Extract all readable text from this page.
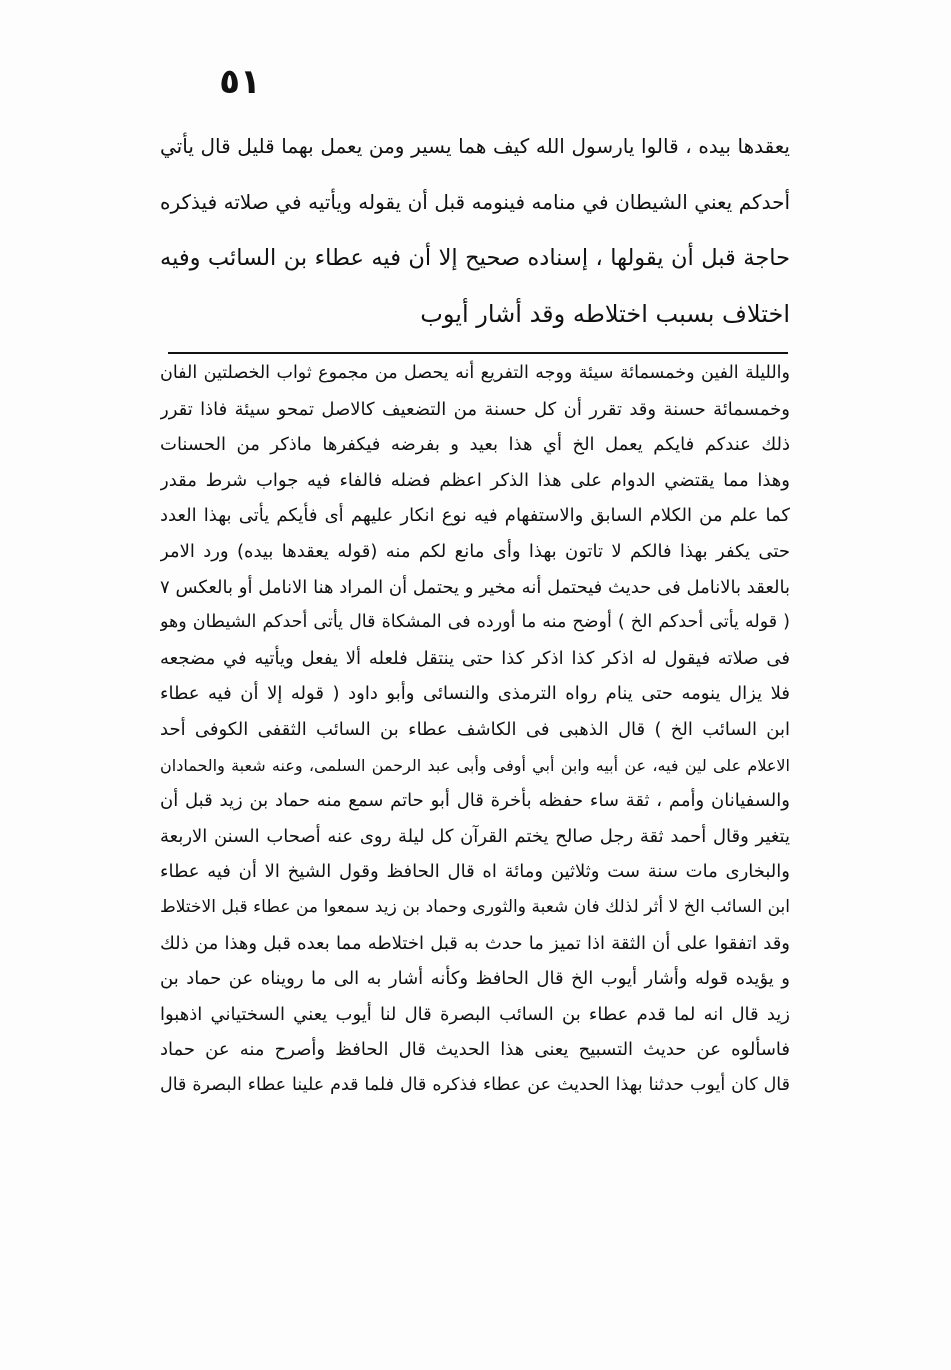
٥١
يعقدها بيده ، قالوا يارسول الله كيف هما يسير ومن يعمل بهما قليل قال يأتي
أحدكم يعني الشيطان في منامه فينومه قبل أن يقوله ويأتيه في صلاته فيذكره
حاجة قبل أن يقولها ، إسناده صحيح إلا أن فيه عطاء بن السائب وفيه
اختلاف بسبب اختلاطه وقد أشار أيوب
والليلة الفين وخمسمائة سيئة ووجه التفريع أنه يحصل من مجموع ثواب الخصلتين الفان
وخمسمائة حسنة وقد تقرر أن كل حسنة من التضعيف كالاصل تمحو سيئة فاذا تقرر
ذلك عندكم فايكم يعمل الخ أي هذا بعيد و بفرضه فيكفرها ماذكر من الحسنات
وهذا مما يقتضي الدوام على هذا الذكر اعظم فضله فالفاء فيه جواب شرط مقدر
كما علم من الكلام السابق والاستفهام فيه نوع انكار عليهم أى فأيكم يأتى بهذا العدد
حتى يكفر بهذا فالكم لا تاتون بهذا وأى مانع لكم منه (قوله يعقدها بيده) ورد الامر
بالعقد بالانامل فى حديث فيحتمل أنه مخير و يحتمل أن المراد هنا الانامل أو بالعكس ٧
( قوله يأتى أحدكم الخ ) أوضح منه ما أورده فى المشكاة قال يأتى أحدكم الشيطان وهو
فى صلاته فيقول له اذكر كذا اذكر كذا حتى ينتقل فلعله ألا يفعل ويأتيه في مضجعه
فلا يزال ينومه حتى ينام رواه الترمذى والنسائى وأبو داود ( قوله إلا أن فيه عطاء
ابن السائب الخ ) قال الذهبى فى الكاشف عطاء بن السائب الثقفى الكوفى أحد
الاعلام على لين فيه، عن أبيه وابن أبي أوفى وأبى عبد الرحمن السلمى، وعنه شعبة والحمادان
والسفيانان وأمم ، ثقة ساء حفظه بأخرة قال أبو حاتم سمع منه حماد بن زيد قبل أن
يتغير وقال أحمد ثقة رجل صالح يختم القرآن كل ليلة روى عنه أصحاب السنن الاربعة
والبخارى مات سنة ست وثلاثين ومائة اه قال الحافظ وقول الشيخ الا أن فيه عطاء
ابن السائب الخ لا أثر لذلك فان شعبة والثورى وحماد بن زيد سمعوا من عطاء قبل الاختلاط
وقد اتفقوا على أن الثقة اذا تميز ما حدث به قبل اختلاطه مما بعده قبل وهذا من ذلك
و يؤيده قوله وأشار أيوب الخ قال الحافظ وكأنه أشار به الى ما رويناه عن حماد بن
زيد قال انه لما قدم عطاء بن السائب البصرة قال لنا أيوب يعني السختياني اذهبوا
فاسألوه عن حديث التسبيح يعنى هذا الحديث قال الحافظ وأصرح منه عن حماد
قال كان أيوب حدثنا بهذا الحديث عن عطاء فذكره قال فلما قدم علينا عطاء البصرة قال
